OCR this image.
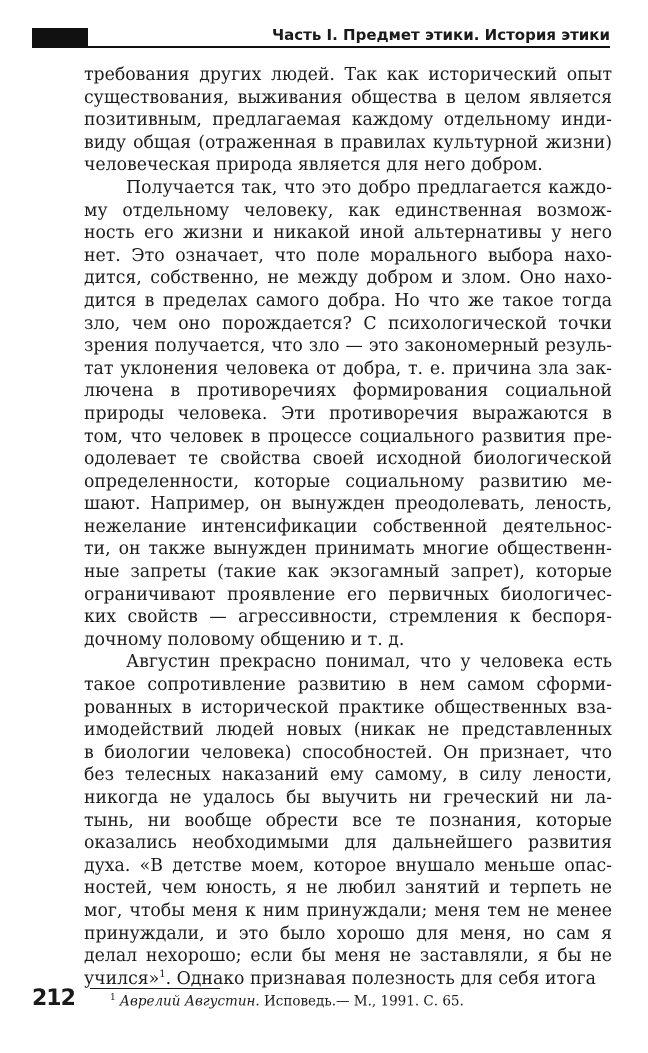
Часть I. Предмет этики. История этики

требования других людей. Так как исторический опыт
существования, выживания общества в целом является
позитивным, предлагаемая каждому отдельному инди-
виду общая (отраженная в правилах культурной жизни)
человеческая природа является для него добром.

Получается так, что это добро предлагается каждо-
му отдельному человеку, как единственная возмож-
ность его жизни и никакой иной альтернативы у него
нет. Это означает, что поле морального выбора нахо-
дится, собственно, не между добром и злом. Оно нахо-
дится в пределах самого добра. Но что же такое тогда
зло, чем оно порождается? С психологической точки
зрения получается, что зло — это закономерный резуль-
тат уклонения человека от добра, т. е. причина зла зак-
лючена в противоречиях формирования социальной
природы человека. Эти противоречия выражаются в
том, что человек в процессе социального развития пре-
одолевает те свойства своей исходной биологической
определенности, которые социальному развитию ме-
шают. Например, он вынужден преодолевать, леность,
нежелание интенсификации собственной деятельнос-
ти, он также вынужден принимать многие общественн-
ные запреты (такие как экзогамный запрет), которые
ограничивают проявление его первичных биологичес-
ких свойств — агрессивности, стремления к беспоря-
дочному половому общению и т. д.

Августин прекрасно понимал, что у человека есть
такое сопротивление развитию в нем самом сформи-
рованных в исторической практике общественных вза-
имодействий людей новых (никак не представленных
в биологии человека) способностей. Он признает, что
без телесных наказаний ему самому, в силу лености,
никогда не удалось бы выучить ни греческий ни ла-
тынь, ни вообще обрести все те познания, которые
оказались необходимыми для дальнейшего развития
духа. «В детстве моем, которое внушало меньше опас-
ностей, чем юность, я не любил занятий и терпеть не
мог, чтобы меня к ним принуждали; меня тем не менее
принуждали, и это было хорошо для меня, но сам я
делал нехорошо; если бы меня не заставляли, я бы не
учился»$^1$. Однако признавая полезность для себя итога

212	$^1$ Аврелий Августин. Исповедь.— М., 1991. С. 65.
